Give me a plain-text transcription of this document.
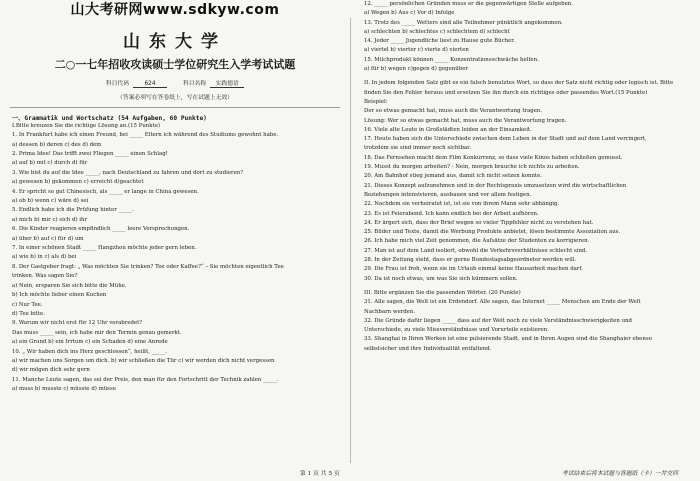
山大考研网www.sdkyw.com
山东大学
二○一七年招收攻读硕士学位研究生入学考试试题
科目代码	624	科目名称 实践德语
（答案必须写在答卷纸上，写在试题上无效）
一、Grammatik und Wortschatz (54 Aufgaben, 60 Punkte)
I.Bitte kreuzen Sie die richtige Lösung an.(15 Punkte)
1. In Frankfurt habe ich einen Freund, bei _____ Eltern ich während des Studiums gewohnt habe.
a) dessen b) deren c) des d) dem
2. Prima Idee! Das trifft zwei Fliegen _____ einen Schlag!
a) auf b) mit c) durch d) für
3. Wie bist du auf die Idee _____, nach Deutschland zu fahren und dort zu studieren?
a) gewesen b) gekommen c) erreicht d)geachtet
4. Er spricht so gut Chinesisch, als _____ er lange in China gewesen.
a) ob b) wenn c) wäre d) sei
5. Endlich habe ich die Prüfung hinter _____.
a) mich b) mir c) sich d) ihr
6. Die Kinder reagieren empfindlich _____ leere Versprechungen.
a) über b) auf c) für d) um
7. In einer schönen Stadt _____ Hangzhou möchte jeder gern leben.
a) wie b) in c) als d) bei
8. Der Gastgeber fragt: „ Was möchten Sie trinken? Tee oder Kaffee?“ – Sie möchten eigentlich Tee
trinken. Was sagen Sie?
a) Nein, ersparen Sie sich bitte die Mühe.
b) Ich möchte lieber einen Kuchen
c) Nur Tee.
d) Tee bitte.
9. Warum wir nicht erst für 12 Uhr verabredet?
Das muss _____ sein, ich habe mir den Termin genau gemerkt.
a) ein Grund b) ein Irrtum c) ein Schaden d) eine Anrede
10. „ Wir haben dich ins Herz geschlossen“, heißt, _____.
a) wir machen uns Sorgen um dich. b) wir schließen die Tür c) wir werden dich nicht vergessen
d) wir mögen dich sehr gern
11. Manche Leute sagen, das sei der Preis, den man für den Fortschritt der Technik zahlen _____.
a) muss b) musste c) müsste d) müsse
12. _____ persönlichen Gründen muss er die gegenwärtigen Stelle aufgeben.
a) Wegen b) Aus c) Vor d) Infolge
13. Trotz des _____ Wetters sind alle Teilnehmer pünktlich angekommen.
a) schlechten b) schlechtes c) schlechtem d) schlecht
14. Jeder _____ Jugendliche liest zu Hause gute Bücher.
a) viertel b) vierter c) vierte d) vierten
15. Milchprodukt können _____ Konzentrationsschwäche helfen.
a) für b) wegen c)gegen d) gegenüber
II. In jedem folgenden Satz gibt es ein falsch benutztes Wort, so dass der Satz nicht richtig oder logisch ist. Bitte finden Sie den Fehler heraus und ersetzen Sie ihn durch ein richtiges oder passendes Wort.(15 Punkte)
Beispiel:
Der so etwas gemacht hat, muss auch die Verantwortung tragen.
Lösung: Wer so etwas gemacht hat, muss auch die Verantwortung tragen.
16. Viele alte Leute in Großstädten leiden an der Einsamkeit.
17. Heute haben sich die Unterschiede zwischen dem Leben in der Stadt und auf dem Land verringert,
trotzdem sie sind immer noch sichtbar.
18. Das Fernsehen macht dem Film Konkurrenz, so dass viele Kinos haben schließen gemusst.
19. Musst du morgen arbeiten? - Nein, morgen brauche ich nichts zu arbeiten.
20. Am Bahnhof stieg jemand aus, damit ich nicht setzen konnte.
21. Dieses Konzept aufzunehmen und in der Rechtspraxis umzusetzen wird die wirtschaftlichen
Beziehungen intensivieren, ausbauen und vor allem festigen.
22. Nachdem sie verheiratet ist, ist sie von ihrem Mann sehr abhängig.
23. Es ist Feierabend. Ich kann endlich bei der Arbeit aufhören.
24. Er ärgert sich, dass der Brief wegen so vieler Tippfehler nicht zu verstehen hat.
25. Bilder und Texte, damit die Werbung Produkte anbietet, lösen bestimmte Assoziation aus.
26. Ich habe mich viel Zeit genommen, die Aufsätze der Studenten zu korrigieren.
27. Man ist auf dem Land isoliert, obwohl die Verkehrsverhältnisse schlecht sind.
28. In der Zeitung steht, dass er gerne Bundestagsabgeordneter werden will.
29. Die Frau ist froh, wenn sie im Urlaub einmal keine Hausarbeit machen darf.
30. Da ist noch etwas, um was Sie sich kümmern sollen.
III. Bitte ergänzen Sie die passenden Wörter. (20 Punkte)
31. Alle sagen, die Welt ist ein Erdendorf. Alle sagen, das Internet _____ Menschen am Ende der Welt
Nachbarn werden.
32. Die Gründe dafür liegen _____ dass auf der Welt noch zu viele Verständnisschwierigkeiten und
Unterschiede, zu viele Missverständnisse und Vorurteile existieren.
33. Shanghai in Ihren Werken ist eine pulsierende Stadt, und in Ihren Augen sind die Shanghaier ebenso
selbstsicher und ihre Individualität entfaltend.
第 1 页 共 5 页	考试结束后将本试题与答题纸（卡）一并交回
